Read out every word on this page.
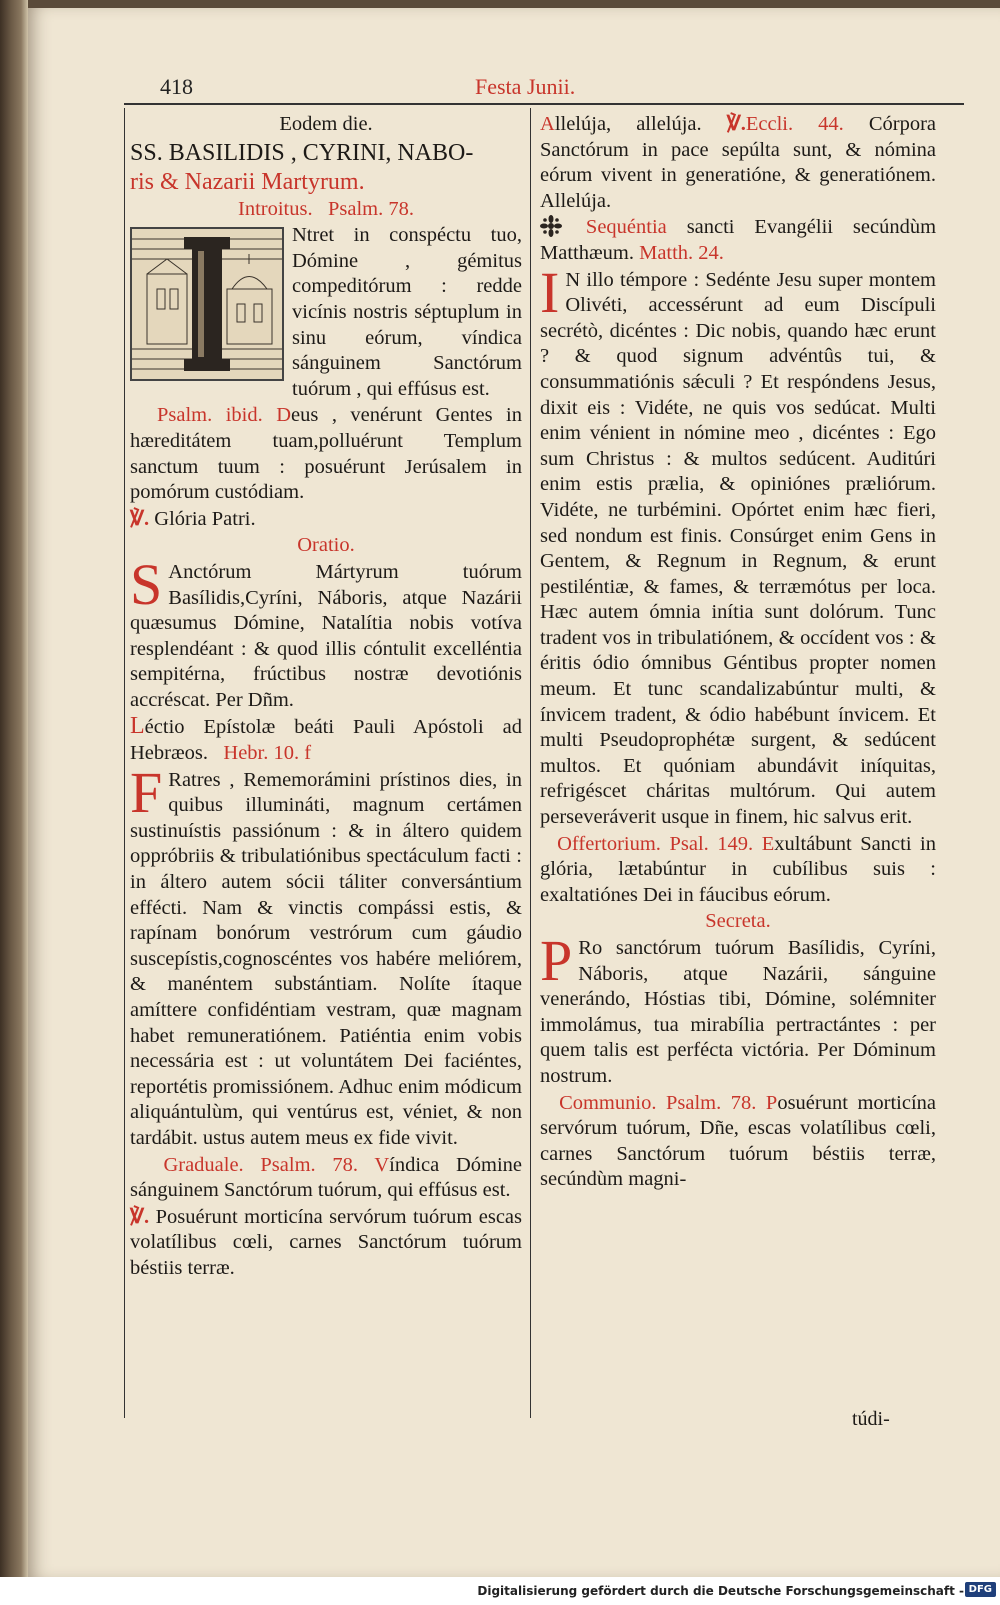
418	Festa Junii.

Eodem die.

SS. BASILIDIS , CYRINI, NABO-

ris & Nazarii Martyrum.

Introitus. Psalm. 78.

Ntret in conspéctu tuo, Dómine , gémitus compeditórum : redde vicínis nostris séptuplum in sinu eórum, víndica sánguinem Sanctórum tuórum , qui effúsus est.

Psalm. ibid. Deus , venérunt Gentes in hæreditátem tuam,polluérunt Templum sanctum tuum : posuérunt Jerúsalem in pomórum custódiam.

℣. Glória Patri.

Oratio.

S Anctórum Mártyrum tuórum Basílidis,Cyríni, Náboris, atque Nazárii quæsumus Dómine, Natalítia nobis votíva resplendéant : & quod illis cóntulit excelléntia sempitérna, frúctibus nostræ devotiónis accréscat. Per Dñm.

Léctio Epístolæ beáti Pauli Apóstoli ad Hebræos. Hebr. 10. f

F Ratres , Rememorámini prístinos dies, in quibus illumináti, magnum certámen sustinuístis passiónum : & in áltero quidem oppróbriis & tribulatiónibus spectáculum facti : in áltero autem sócii táliter conversántium effécti. Nam & vinctis compássi estis, & rapínam bonórum vestrórum cum gáudio suscepístis,cognoscéntes vos habére meliórem, & manéntem substántiam. Nolíte ítaque amíttere confidéntiam vestram, quæ magnam habet remuneratiónem. Patiéntia enim vobis necessária est : ut voluntátem Dei faciéntes, reportétis promissiónem. Adhuc enim módicum aliquántulùm, qui ventúrus est, véniet, & non tardábit. ustus autem meus ex fide vivit.

Graduale. Psalm. 78. Víndica Dómine sánguinem Sanctórum tuórum, qui effúsus est.

℣. Posuérunt morticína servórum tuórum escas volatílibus cœli, carnes Sanctórum tuórum béstiis terræ.

Allelúja, allelúja. ℣.Eccli. 44. Córpora Sanctórum in pace sepúlta sunt, & nómina eórum vivent in generatióne, & generatiónem. Allelúja.

Sequéntia sancti Evangélii secúndùm Matthæum. Matth. 24.

I N illo témpore : Sedénte Jesu super montem Olivéti, accessérunt ad eum Discípuli secrétò, dicéntes : Dic nobis, quando hæc erunt ? & quod signum advéntûs tui, & consummatiónis sǽculi ? Et respóndens Jesus, dixit eis : Vidéte, ne quis vos sedúcat. Multi enim vénient in nómine meo , dicéntes : Ego sum Christus : & multos sedúcent. Auditúri enim estis prælia, & opiniónes præliórum. Vidéte, ne turbémini. Opórtet enim hæc fieri, sed nondum est finis. Consúrget enim Gens in Gentem, & Regnum in Regnum, & erunt pestiléntiæ, & fames, & terræmótus per loca. Hæc autem ómnia inítia sunt dolórum. Tunc tradent vos in tribulatiónem, & occídent vos : & éritis ódio ómnibus Géntibus propter nomen meum. Et tunc scandalizabúntur multi, & ínvicem tradent, & ódio habébunt ínvicem. Et multi Pseudoprophétæ surgent, & sedúcent multos. Et quóniam abundávit iníquitas, refrigéscet cháritas multórum. Qui autem perseveráverit usque in finem, hic salvus erit.

Offertorium. Psal. 149. Exultábunt Sancti in glória, lætabúntur in cubílibus suis : exaltatiónes Dei in fáucibus eórum.

Secreta.

P Ro sanctórum tuórum Basílidis, Cyríni, Náboris, atque Nazárii, sánguine venerándo, Hóstias tibi, Dómine, solémniter immolámus, tua mirabília pertractántes : per quem talis est perfécta victória. Per Dóminum nostrum.

Communio. Psalm. 78. Posuérunt morticína servórum tuórum, Dñe, escas volatílibus cœli, carnes Sanctórum tuórum béstiis terræ, secúndùm magni-

túdi-
Digitalisierung gefördert durch die Deutsche Forschungsgemeinschaft - DFG
